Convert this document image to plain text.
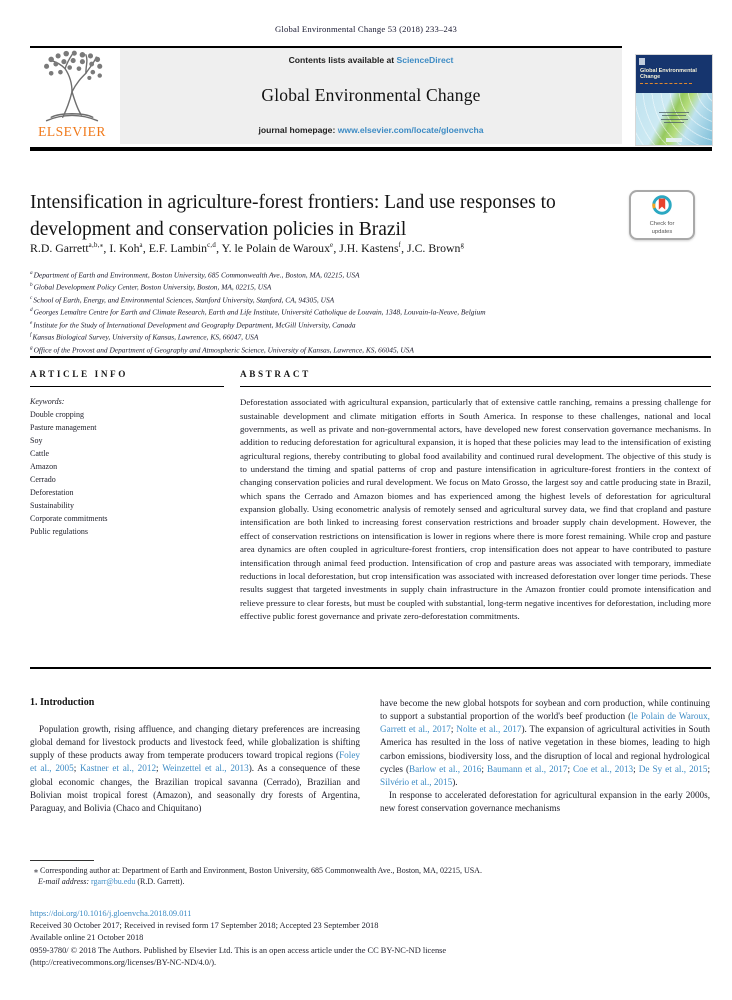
Global Environmental Change 53 (2018) 233–243
ELSEVIER
Contents lists available at ScienceDirect
Global Environmental Change
journal homepage: www.elsevier.com/locate/gloenvcha
Global Environmental Change
Intensification in agriculture-forest frontiers: Land use responses to development and conservation policies in Brazil	Check for
updates
R.D. Garrett$^{a,b,⁎}$, I. Koh$^a$, E.F. Lambin$^{c,d}$, Y. le Polain de Waroux$^e$, J.H. Kastens$^f$, J.C. Brown$^g$
$^a$Department of Earth and Environment, Boston University, 685 Commonwealth Ave., Boston, MA, 02215, USA
$^b$Global Development Policy Center, Boston University, Boston, MA, 02215, USA
$^c$School of Earth, Energy, and Environmental Sciences, Stanford University, Stanford, CA, 94305, USA
$^d$Georges Lemaître Centre for Earth and Climate Research, Earth and Life Institute, Université Catholique de Louvain, 1348, Louvain-la-Neuve, Belgium
$^e$Institute for the Study of International Development and Geography Department, McGill University, Canada
$^f$Kansas Biological Survey, University of Kansas, Lawrence, KS, 66047, USA
$^g$Office of the Provost and Department of Geography and Atmospheric Science, University of Kansas, Lawrence, KS, 66045, USA
ARTICLE INFO
Keywords:
Double cropping
Pasture management
Soy
Cattle
Amazon
Cerrado
Deforestation
Sustainability
Corporate commitments
Public regulations
ABSTRACT

Deforestation associated with agricultural expansion, particularly that of extensive cattle ranching, remains a pressing challenge for sustainable development and climate mitigation efforts in South America. In response to these challenges, national and local governments, as well as private and non-governmental actors, have developed new forest conservation governance mechanisms. In addition to reducing deforestation for agricultural expansion, it is hoped that these policies may lead to the intensification of existing agricultural regions, thereby contributing to global food availability and continued rural development. The objective of this study is to understand the timing and spatial patterns of crop and pasture intensification in agriculture-forest frontiers in the context of changing conservation policies and rural development. We focus on Mato Grosso, the largest soy and cattle producing state in Brazil, which spans the Cerrado and Amazon biomes and has experienced among the highest levels of deforestation for agricultural expansion globally. Using econometric analysis of remotely sensed and agricultural survey data, we find that cropland and pasture intensification are both linked to increasing forest conservation restrictions and broader supply chain development. However, the effect of conservation restrictions on intensification is lower in regions where there is more forest remaining. While crop and pasture area dynamics are often coupled in agriculture-forest frontiers, crop intensification does not appear to have contributed to pasture intensification through animal feed production. Intensification of crop and pasture areas was associated with temporary, immediate reductions in local deforestation, but crop intensification was associated with increased deforestation over longer time periods. These results suggest that targeted investments in supply chain infrastructure in the Amazon frontier could promote intensification and relieve pressure to clear forests, but must be coupled with substantial, long-term negative incentives for deforestation, including more effective public forest governance and private zero-deforestation commitments.

1. Introduction

Population growth, rising affluence, and changing dietary preferences are increasing global demand for livestock products and livestock feed, while globalization is shifting supply of these products away from temperate producers toward tropical regions (Foley et al., 2005; Kastner et al., 2012; Weinzettel et al., 2013). As a consequence of these global economic changes, the Brazilian tropical savanna (Cerrado), Brazilian and Bolivian moist tropical forest (Amazon), and seasonally dry forests of Argentina, Paraguay, and Bolivia (Chaco and Chiquitano)

have become the new global hotspots for soybean and corn production, while continuing to support a substantial proportion of the world's beef production (le Polain de Waroux, Garrett et al., 2017; Nolte et al., 2017). The expansion of agricultural activities in South America has resulted in the loss of native vegetation in these biomes, leading to high carbon emissions, biodiversity loss, and the disruption of local and regional hydrological cycles (Barlow et al., 2016; Baumann et al., 2017; Coe et al., 2013; De Sy et al., 2015; Silvério et al., 2015).

In response to accelerated deforestation for agricultural expansion in the early 2000s, new forest conservation governance mechanisms

⁎ Corresponding author at: Department of Earth and Environment, Boston University, 685 Commonwealth Ave., Boston, MA, 02215, USA.
E-mail address: rgarr@bu.edu (R.D. Garrett).
https://doi.org/10.1016/j.gloenvcha.2018.09.011
Received 30 October 2017; Received in revised form 17 September 2018; Accepted 23 September 2018
Available online 21 October 2018
0959-3780/ © 2018 The Authors. Published by Elsevier Ltd. This is an open access article under the CC BY-NC-ND license
(http://creativecommons.org/licenses/BY-NC-ND/4.0/).
